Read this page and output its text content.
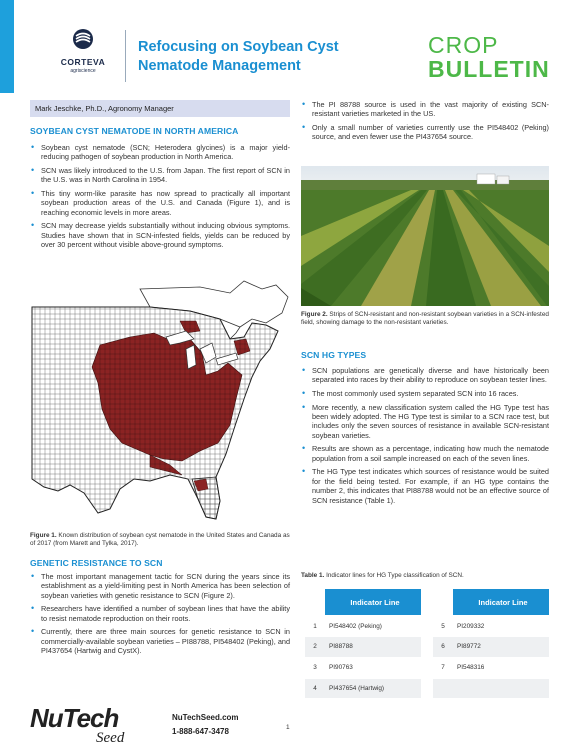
CORTEVA
agriscience
Refocusing on Soybean Cyst Nematode Management
CROP
BULLETIN
Mark Jeschke, Ph.D., Agronomy Manager
SOYBEAN CYST NEMATODE IN NORTH AMERICA
• Soybean cyst nematode (SCN; Heterodera glycines) is a major yield-reducing pathogen of soybean production in North America.
• SCN was likely introduced to the U.S. from Japan. The first report of SCN in the U.S. was in North Carolina in 1954.
• This tiny worm-like parasite has now spread to practically all important soybean production areas of the U.S. and Canada (Figure 1), and is reaching economic levels in more areas.
• SCN may decrease yields substantially without inducing obvious symptoms. Studies have shown that in SCN-infested fields, yields can be reduced by over 30 percent without visible above-ground symptoms.
Figure 1. Known distribution of soybean cyst nematode in the United States and Canada as of 2017 (from Marett and Tylka, 2017).
GENETIC RESISTANCE TO SCN
• The most important management tactic for SCN during the years since its establishment as a yield-limiting pest in North America has been selection of soybean varieties with genetic resistance to SCN (Figure 2).
• Researchers have identified a number of soybean lines that have the ability to resist nematode reproduction on their roots.
• Currently, there are three main sources for genetic resistance to SCN in commercially-available soybean varieties – PI88788, PI548402 (Peking), and PI437654 (Hartwig and CystX).
• The PI 88788 source is used in the vast majority of existing SCN-resistant varieties marketed in the US.
• Only a small number of varieties currently use the PI548402 (Peking) source, and even fewer use the PI437654 source.
Figure 2. Strips of SCN-resistant and non-resistant soybean varieties in a SCN-infested field, showing damage to the non-resistant varieties.
SCN HG TYPES
• SCN populations are genetically diverse and have historically been separated into races by their ability to reproduce on soybean tester lines.
• The most commonly used system separated SCN into 16 races.
• More recently, a new classification system called the HG Type test has been widely adopted. The HG Type test is similar to a SCN race test, but includes only the seven sources of resistance in available SCN-resistant soybean varieties.
• Results are shown as a percentage, indicating how much the nematode population from a soil sample increased on each of the seven lines.
• The HG Type test indicates which sources of resistance would be suited for the field being tested. For example, if an HG type contains the number 2, this indicates that PI88788 would not be an effective source of SCN resistance (Table 1).
Table 1. Indicator lines for HG Type classification of SCN.
Indicator Line	Indicator Line
1	PI548402 (Peking)	5	PI209332
2	PI88788	6	PI89772
3	PI90763	7	PI548316
4	PI437654 (Hartwig)
NuTech
Seed
NuTechSeed.com
1-888-647-3478	1
